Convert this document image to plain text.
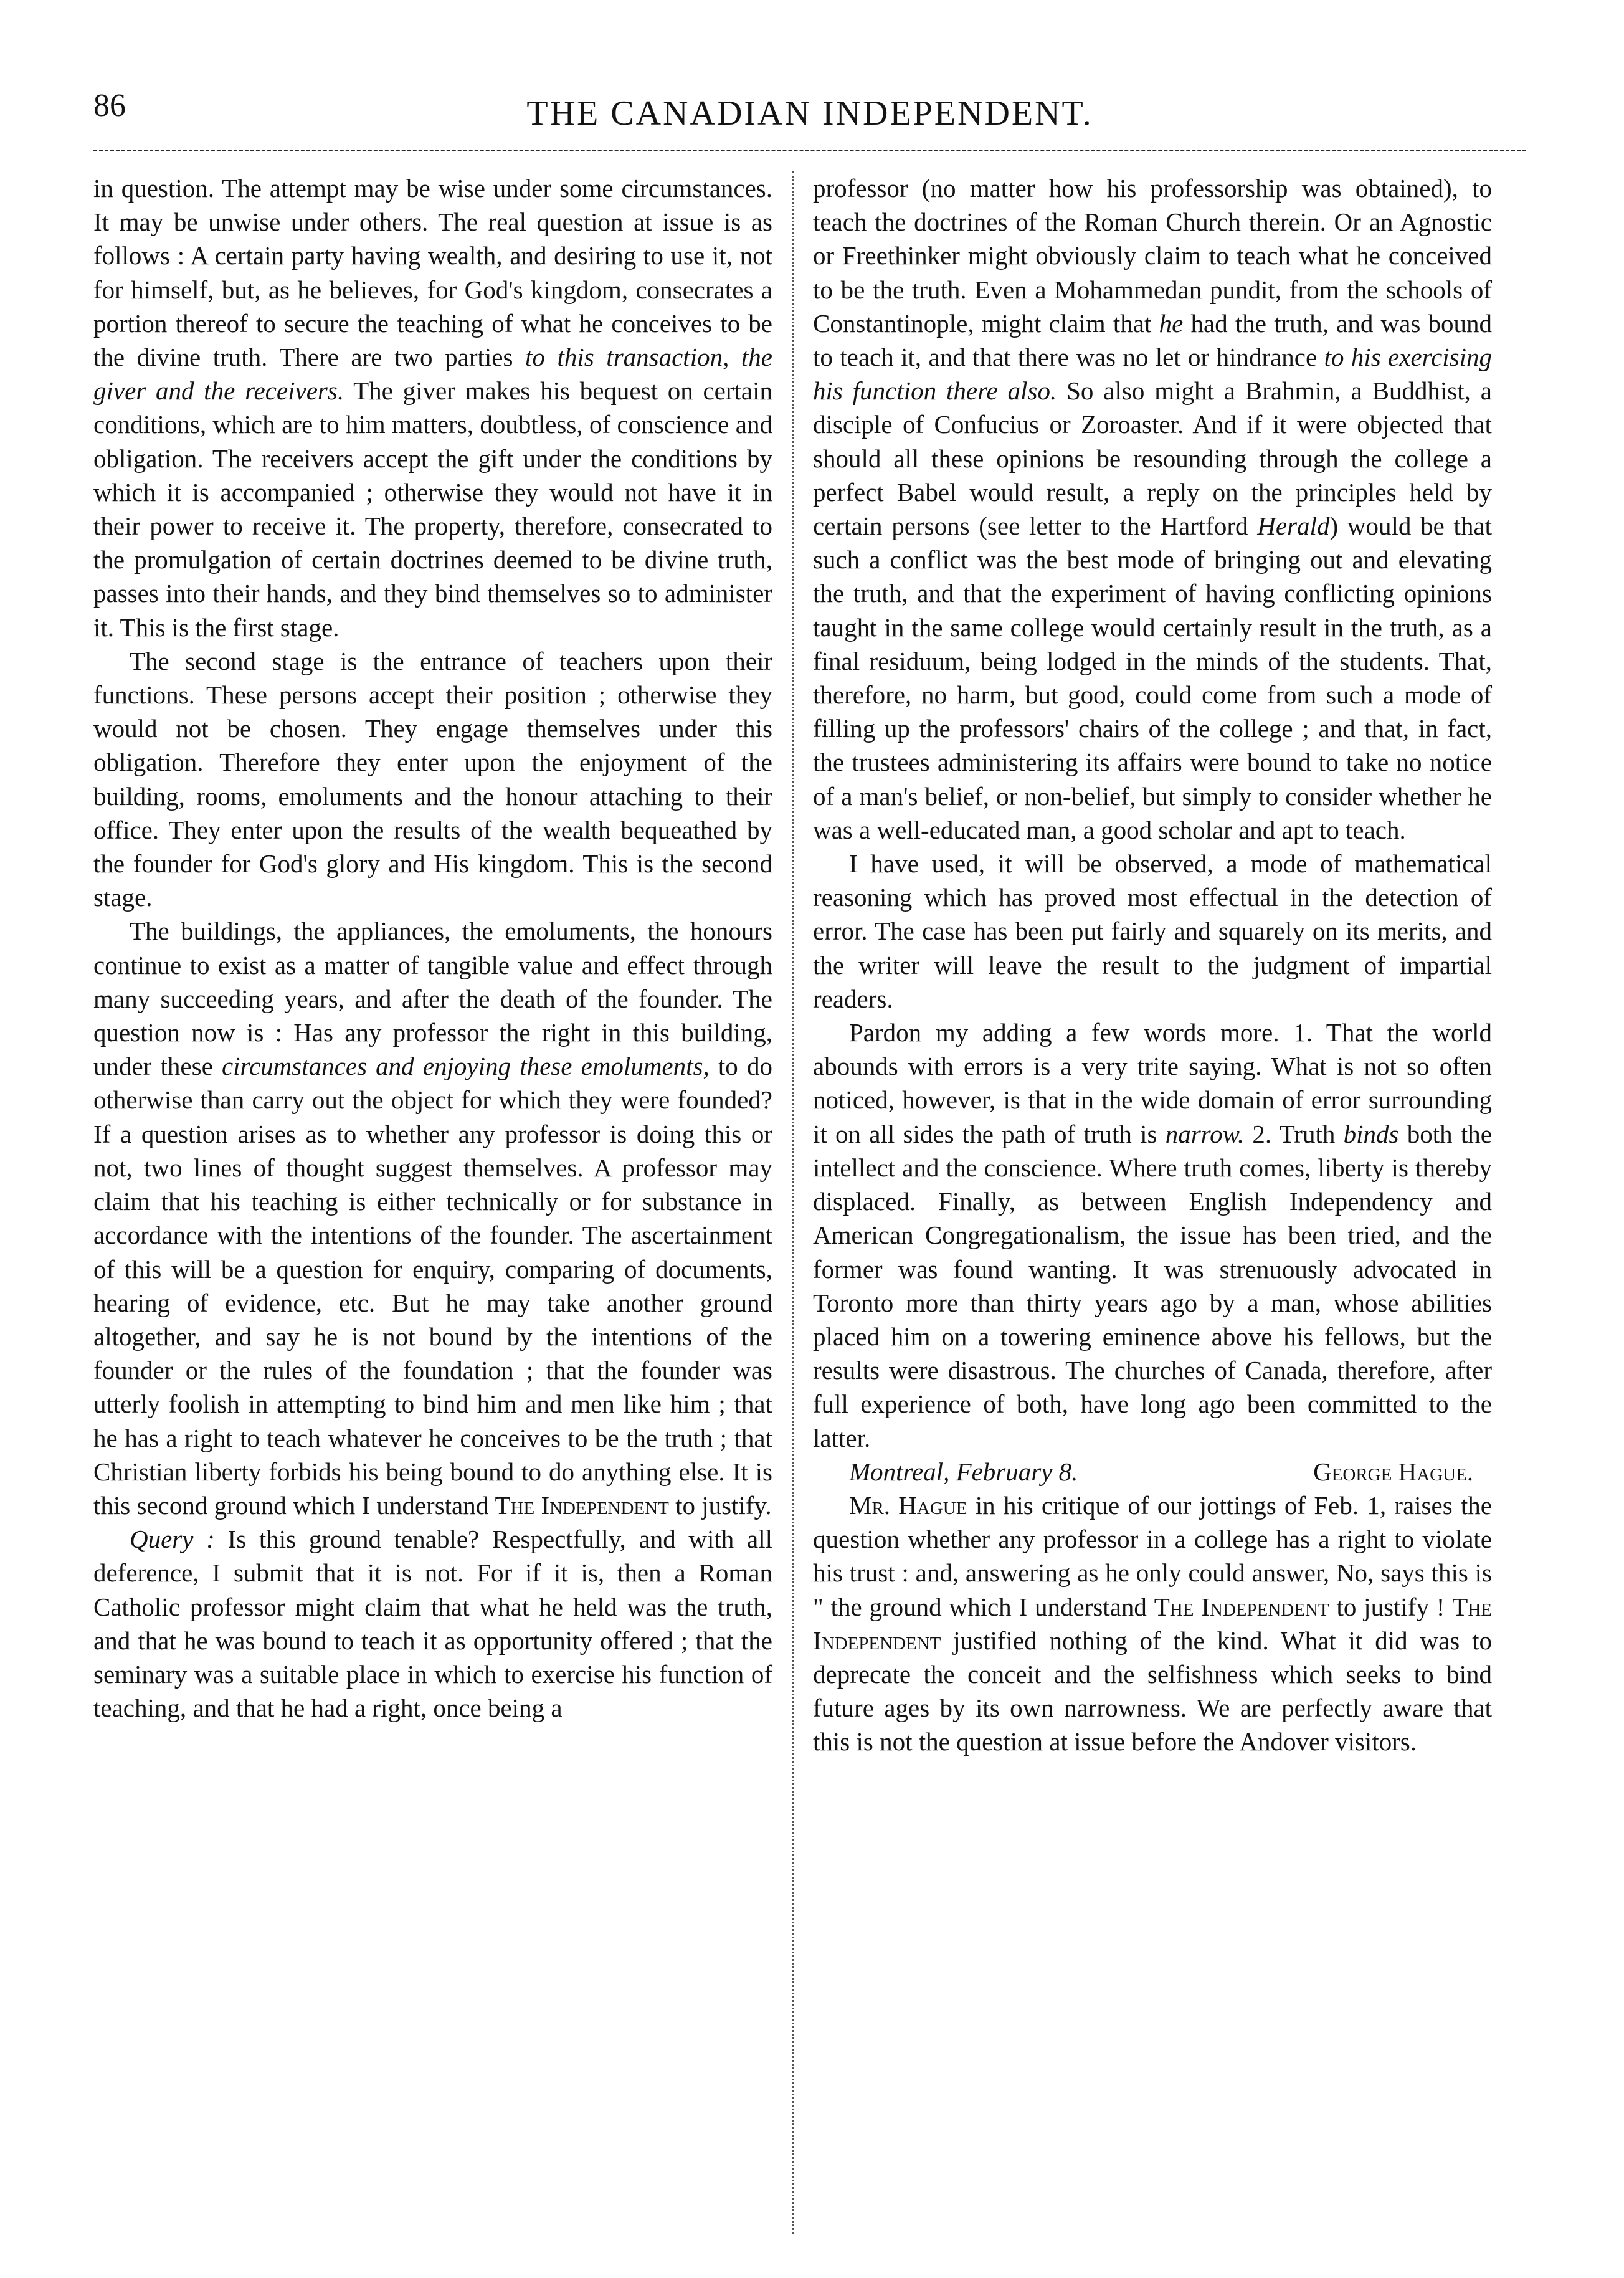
86	THE CANADIAN INDEPENDENT.

in question. The attempt may be wise under some circumstances. It may be unwise under others. The real question at issue is as follows : A certain party having wealth, and desiring to use it, not for himself, but, as he believes, for God's kingdom, consecrates a portion thereof to secure the teaching of what he conceives to be the divine truth. There are two parties to this transaction, the giver and the receivers. The giver makes his bequest on certain conditions, which are to him matters, doubtless, of conscience and obligation. The receivers accept the gift under the conditions by which it is accompanied ; otherwise they would not have it in their power to receive it. The property, therefore, consecrated to the promulgation of certain doctrines deemed to be divine truth, passes into their hands, and they bind themselves so to administer it. This is the first stage.

The second stage is the entrance of teachers upon their functions. These persons accept their position ; otherwise they would not be chosen. They engage themselves under this obligation. Therefore they enter upon the enjoyment of the building, rooms, emoluments and the honour attaching to their office. They enter upon the results of the wealth bequeathed by the founder for God's glory and His kingdom. This is the second stage.

The buildings, the appliances, the emoluments, the honours continue to exist as a matter of tangible value and effect through many succeeding years, and after the death of the founder. The question now is : Has any professor the right in this building, under these circumstances and enjoying these emoluments, to do otherwise than carry out the object for which they were founded? If a question arises as to whether any professor is doing this or not, two lines of thought suggest themselves. A professor may claim that his teaching is either technically or for substance in accordance with the intentions of the founder. The ascertainment of this will be a question for enquiry, comparing of documents, hearing of evidence, etc. But he may take another ground altogether, and say he is not bound by the intentions of the founder or the rules of the foundation ; that the founder was utterly foolish in attempting to bind him and men like him ; that he has a right to teach whatever he conceives to be the truth ; that Christian liberty forbids his being bound to do anything else. It is this second ground which I understand The Independent to justify.

Query : Is this ground tenable? Respectfully, and with all deference, I submit that it is not. For if it is, then a Roman Catholic professor might claim that what he held was the truth, and that he was bound to teach it as opportunity offered ; that the seminary was a suitable place in which to exercise his function of teaching, and that he had a right, once being a

professor (no matter how his professorship was obtained), to teach the doctrines of the Roman Church therein. Or an Agnostic or Freethinker might obviously claim to teach what he conceived to be the truth. Even a Mohammedan pundit, from the schools of Constantinople, might claim that he had the truth, and was bound to teach it, and that there was no let or hindrance to his exercising his function there also. So also might a Brahmin, a Buddhist, a disciple of Confucius or Zoroaster. And if it were objected that should all these opinions be resounding through the college a perfect Babel would result, a reply on the principles held by certain persons (see letter to the Hartford Herald) would be that such a conflict was the best mode of bringing out and elevating the truth, and that the experiment of having conflicting opinions taught in the same college would certainly result in the truth, as a final residuum, being lodged in the minds of the students. That, therefore, no harm, but good, could come from such a mode of filling up the professors' chairs of the college ; and that, in fact, the trustees administering its affairs were bound to take no notice of a man's belief, or non-belief, but simply to consider whether he was a well-educated man, a good scholar and apt to teach.

I have used, it will be observed, a mode of mathematical reasoning which has proved most effectual in the detection of error. The case has been put fairly and squarely on its merits, and the writer will leave the result to the judgment of impartial readers.

Pardon my adding a few words more. 1. That the world abounds with errors is a very trite saying. What is not so often noticed, however, is that in the wide domain of error surrounding it on all sides the path of truth is narrow. 2. Truth binds both the intellect and the conscience. Where truth comes, liberty is thereby displaced. Finally, as between English Independency and American Congregationalism, the issue has been tried, and the former was found wanting. It was strenuously advocated in Toronto more than thirty years ago by a man, whose abilities placed him on a towering eminence above his fellows, but the results were disastrous. The churches of Canada, therefore, after full experience of both, have long ago been committed to the latter.

Montreal, February 8.	George Hague.

Mr. Hague in his critique of our jottings of Feb. 1, raises the question whether any professor in a college has a right to violate his trust : and, answering as he only could answer, No, says this is " the ground which I understand The Independent to justify ! The Independent justified nothing of the kind. What it did was to deprecate the conceit and the selfishness which seeks to bind future ages by its own narrowness. We are perfectly aware that this is not the question at issue before the Andover visitors.
